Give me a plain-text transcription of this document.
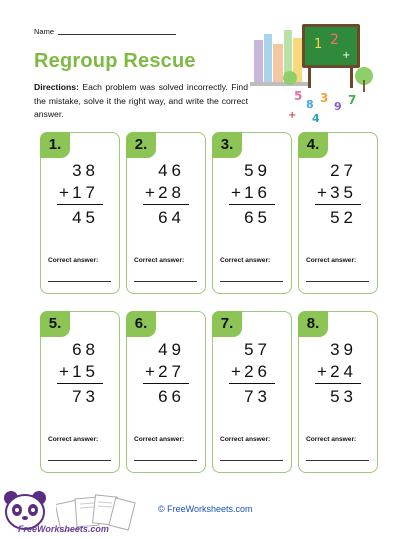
Name
Regroup Rescue
Directions: Each problem was solved incorrectly. Find the mistake, solve it the right way, and write the correct answer.
1 2
+
5
8 3
9 7
+ 4
1.
38
+ 17
45
Correct answer:
2.
46
+ 28
64
Correct answer:
3.
59
+ 16
65
Correct answer:
4.
27
+ 35
52
Correct answer:
5.
68
+ 15
73
Correct answer:
6.
49
+ 27
66
Correct answer:
7.
57
+ 26
73
Correct answer:
8.
39
+ 24
53
Correct answer:
FreeWorksheets.com
© FreeWorksheets.com
